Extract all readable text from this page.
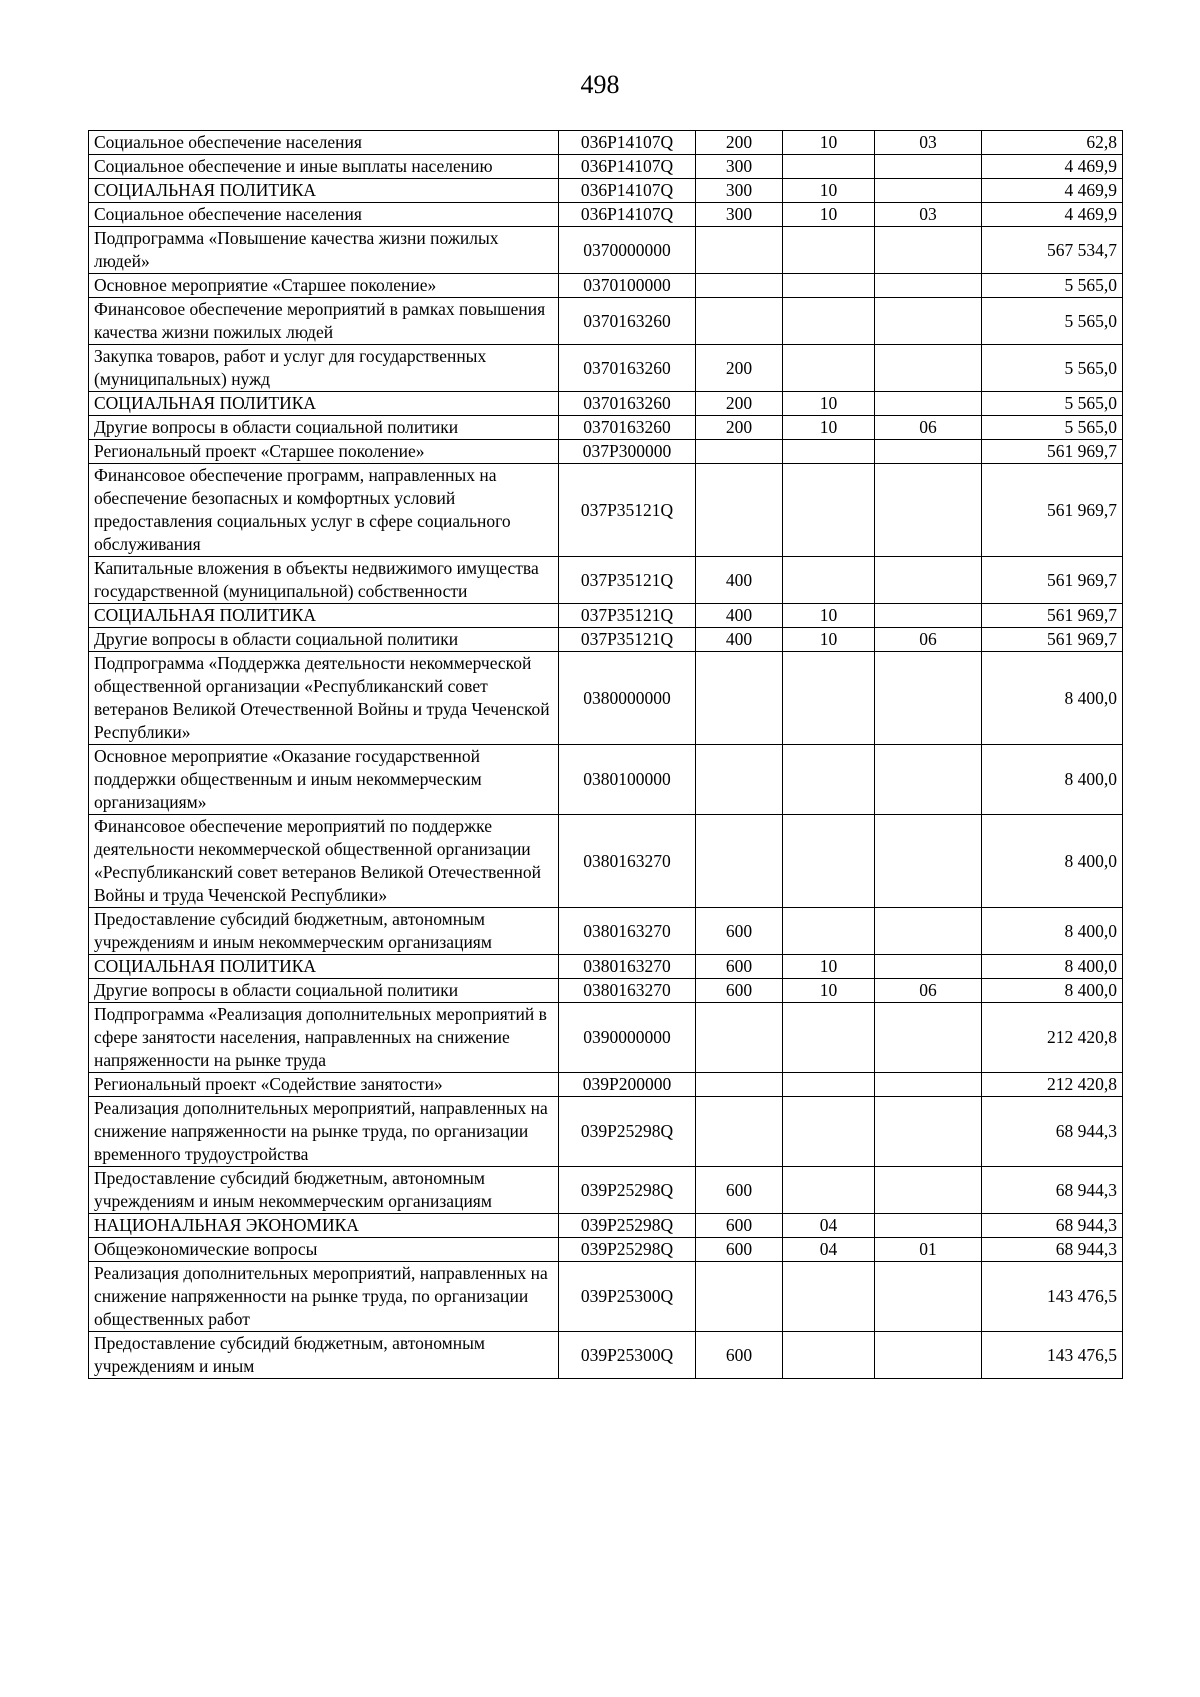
498
Социальное обеспечение населения	036P14107Q	200	10	03	62,8
Социальное обеспечение и иные выплаты населению	036P14107Q	300			4 469,9
СОЦИАЛЬНАЯ ПОЛИТИКА	036P14107Q	300	10		4 469,9
Социальное обеспечение населения	036P14107Q	300	10	03	4 469,9
Подпрограмма «Повышение качества жизни пожилых людей»	0370000000				567 534,7
Основное мероприятие «Старшее поколение»	0370100000				5 565,0
Финансовое обеспечение мероприятий в рамках повышения качества жизни пожилых людей	0370163260				5 565,0
Закупка товаров, работ и услуг для государственных (муниципальных) нужд	0370163260	200			5 565,0
СОЦИАЛЬНАЯ ПОЛИТИКА	0370163260	200	10		5 565,0
Другие вопросы в области социальной политики	0370163260	200	10	06	5 565,0
Региональный проект «Старшее поколение»	037P300000				561 969,7
Финансовое обеспечение программ, направленных на обеспечение безопасных и комфортных условий предоставления социальных услуг в сфере социального обслуживания	037P35121Q				561 969,7
Капитальные вложения в объекты недвижимого имущества государственной (муниципальной) собственности	037P35121Q	400			561 969,7
СОЦИАЛЬНАЯ ПОЛИТИКА	037P35121Q	400	10		561 969,7
Другие вопросы в области социальной политики	037P35121Q	400	10	06	561 969,7
Подпрограмма «Поддержка деятельности некоммерческой общественной организации «Республиканский совет ветеранов Великой Отечественной Войны и труда Чеченской Республики»	0380000000				8 400,0
Основное мероприятие «Оказание государственной поддержки общественным и иным некоммерческим организациям»	0380100000				8 400,0
Финансовое обеспечение мероприятий по поддержке деятельности некоммерческой общественной организации «Республиканский совет ветеранов Великой Отечественной Войны и труда Чеченской Республики»	0380163270				8 400,0
Предоставление субсидий бюджетным, автономным учреждениям и иным некоммерческим организациям	0380163270	600			8 400,0
СОЦИАЛЬНАЯ ПОЛИТИКА	0380163270	600	10		8 400,0
Другие вопросы в области социальной политики	0380163270	600	10	06	8 400,0
Подпрограмма «Реализация дополнительных мероприятий в сфере занятости населения, направленных на снижение напряженности на рынке труда	0390000000				212 420,8
Региональный проект «Содействие занятости»	039P200000				212 420,8
Реализация дополнительных мероприятий, направленных на снижение напряженности на рынке труда, по организации временного трудоустройства	039P25298Q				68 944,3
Предоставление субсидий бюджетным, автономным учреждениям и иным некоммерческим организациям	039P25298Q	600			68 944,3
НАЦИОНАЛЬНАЯ ЭКОНОМИКА	039P25298Q	600	04		68 944,3
Общеэкономические вопросы	039P25298Q	600	04	01	68 944,3
Реализация дополнительных мероприятий, направленных на снижение напряженности на рынке труда, по организации общественных работ	039P25300Q				143 476,5
Предоставление субсидий бюджетным, автономным учреждениям и иным	039P25300Q	600			143 476,5
